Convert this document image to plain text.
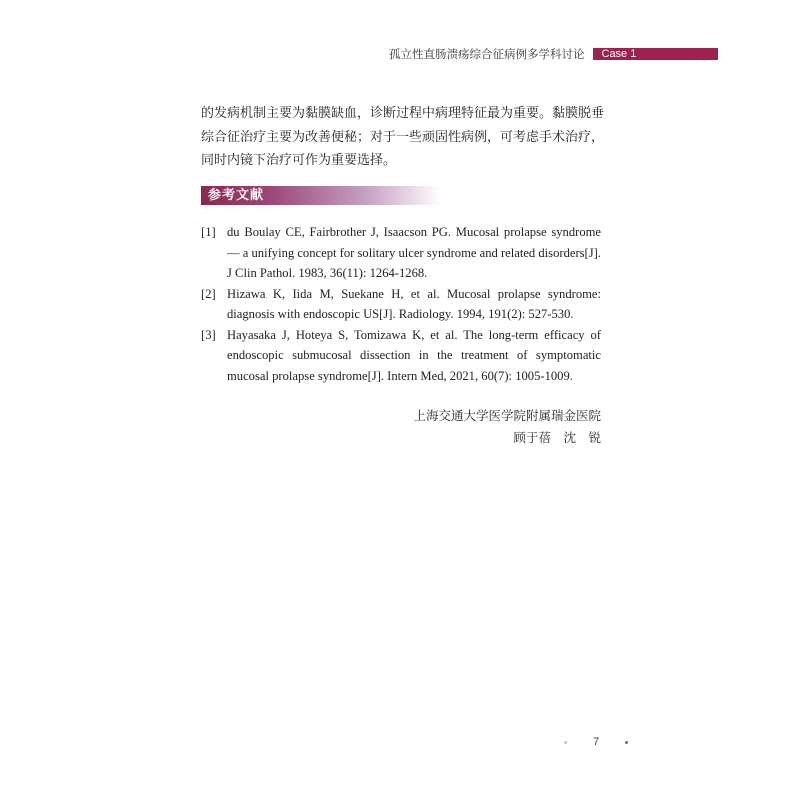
孤立性直肠溃疡综合征病例多学科讨论	Case 1

的发病机制主要为黏膜缺血，诊断过程中病理特征最为重要。黏膜脱垂综合征治疗主要为改善便秘；对于一些顽固性病例，可考虑手术治疗，同时内镜下治疗可作为重要选择。

参考文献
[1] du Boulay CE, Fairbrother J, Isaacson PG. Mucosal prolapse syndrome — a unifying concept for solitary ulcer syndrome and related disorders[J]. J Clin Pathol. 1983, 36(11): 1264-1268.
[2] Hizawa K, Iida M, Suekane H, et al. Mucosal prolapse syndrome: diagnosis with endoscopic US[J]. Radiology. 1994, 191(2): 527-530.
[3] Hayasaka J, Hoteya S, Tomizawa K, et al. The long-term efficacy of endoscopic submucosal dissection in the treatment of symptomatic mucosal prolapse syndrome[J]. Intern Med, 2021, 60(7): 1005-1009.
上海交通大学医学院附属瑞金医院
顾于蓓　沈　锐
7
